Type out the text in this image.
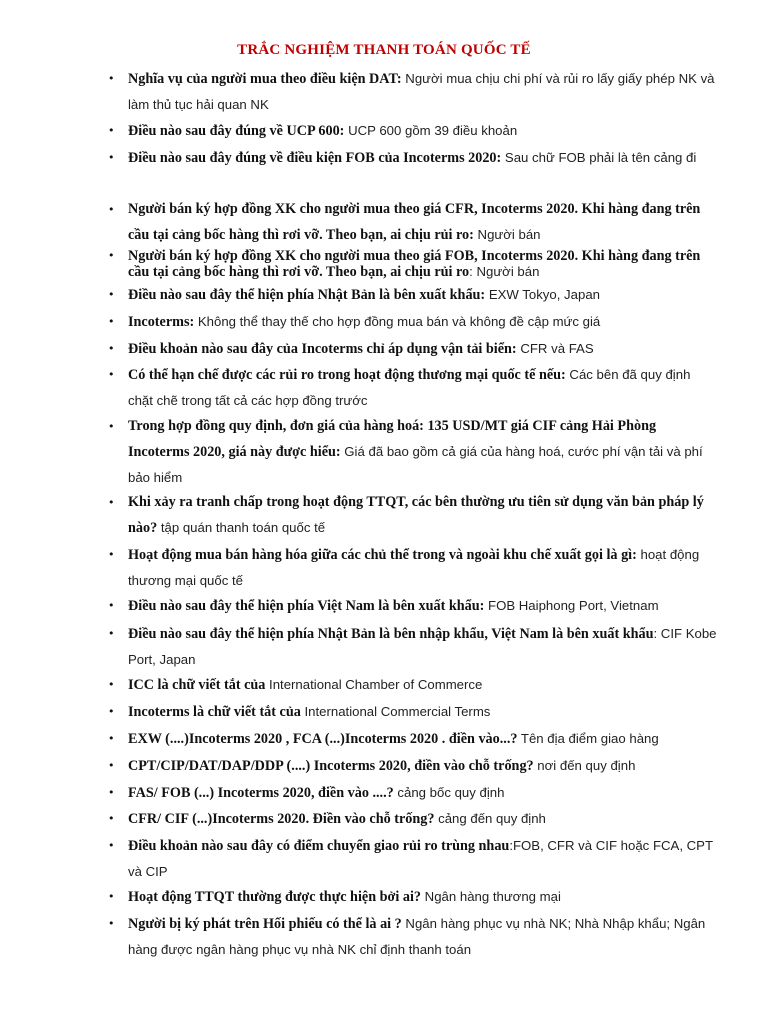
TRẮC NGHIỆM THANH TOÁN QUỐC TẾ
• Nghĩa vụ của người mua theo điều kiện DAT: Người mua chịu chi phí và rủi ro lấy giấy phép NK và làm thủ tục hải quan NK
• Điều nào sau đây đúng về UCP 600: UCP 600 gồm 39 điều khoản
• Điều nào sau đây đúng về điều kiện FOB của Incoterms 2020: Sau chữ FOB phải là tên cảng đi
• Người bán ký hợp đồng XK cho người mua theo giá CFR, Incoterms 2020. Khi hàng đang trên cầu tại cảng bốc hàng thì rơi vỡ. Theo bạn, ai chịu rủi ro: Người bán
• Người bán ký hợp đồng XK cho người mua theo giá FOB, Incoterms 2020. Khi hàng đang trên cầu tại cảng bốc hàng thì rơi vỡ. Theo bạn, ai chịu rủi ro: Người bán
• Điều nào sau đây thể hiện phía Nhật Bản là bên xuất khẩu: EXW Tokyo, Japan
• Incoterms: Không thể thay thế cho hợp đồng mua bán và không đề cập mức giá
• Điều khoản nào sau đây của Incoterms chỉ áp dụng vận tải biển: CFR và FAS
• Có thể hạn chế được các rủi ro trong hoạt động thương mại quốc tế nếu: Các bên đã quy định chặt chẽ trong tất cả các hợp đồng trước
• Trong hợp đồng quy định, đơn giá của hàng hoá: 135 USD/MT giá CIF cảng Hải Phòng Incoterms 2020, giá này được hiểu: Giá đã bao gồm cả giá của hàng hoá, cước phí vận tải và phí bảo hiểm
• Khi xảy ra tranh chấp trong hoạt động TTQT, các bên thường ưu tiên sử dụng văn bản pháp lý nào? tập quán thanh toán quốc tế
• Hoạt động mua bán hàng hóa giữa các chủ thể trong và ngoài khu chế xuất gọi là gì: hoạt động thương mại quốc tế
• Điều nào sau đây thể hiện phía Việt Nam là bên xuất khẩu: FOB Haiphong Port, Vietnam
• Điều nào sau đây thể hiện phía Nhật Bản là bên nhập khẩu, Việt Nam là bên xuất khẩu: CIF Kobe Port, Japan
• ICC là chữ viết tắt của International Chamber of Commerce
• Incoterms là chữ viết tắt của International Commercial Terms
• EXW (....)Incoterms 2020 , FCA (...)Incoterms 2020 . điền vào...? Tên địa điểm giao hàng
• CPT/CIP/DAT/DAP/DDP (....) Incoterms 2020, điền vào chỗ trống? nơi đến quy định
• FAS/ FOB (...) Incoterms 2020, điền vào ....? cảng bốc quy định
• CFR/ CIF (...)Incoterms 2020. Điền vào chỗ trống? cảng đến quy định
• Điều khoản nào sau đây có điểm chuyển giao rủi ro trùng nhau:FOB, CFR và CIF hoặc FCA, CPT và CIP
• Hoạt động TTQT thường được thực hiện bởi ai? Ngân hàng thương mại
• Người bị ký phát trên Hối phiếu có thể là ai ? Ngân hàng phục vụ nhà NK; Nhà Nhập khẩu; Ngân hàng được ngân hàng phục vụ nhà NK chỉ định thanh toán
